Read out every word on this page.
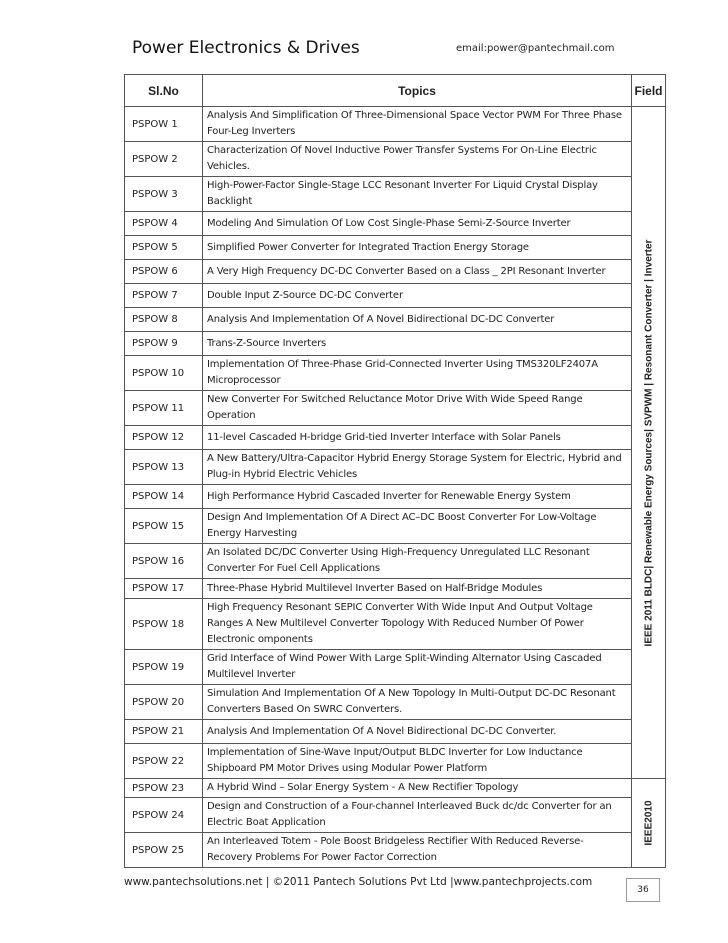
Power Electronics & Drives	email:power@pantechmail.com
Sl.No	Topics	Field
PSPOW 1	Analysis And Simplification Of Three-Dimensional Space Vector PWM For Three Phase Four-Leg Inverters	IEEE 2011 BLDC| Renewable Energy Sources| SVPWM | Resonant Converter | Inverter

PSPOW 2	Characterization Of Novel Inductive Power Transfer Systems For On-Line Electric Vehicles.	
PSPOW 3	High-Power-Factor Single-Stage LCC Resonant Inverter For Liquid Crystal Display Backlight	
PSPOW 4	Modeling And Simulation Of Low Cost Single-Phase Semi-Z-Source Inverter	
PSPOW 5	Simplified Power Converter for Integrated Traction Energy Storage	
PSPOW 6	A Very High Frequency DC-DC Converter Based on a Class _ 2PI Resonant Inverter	
PSPOW 7	Double Input Z-Source DC-DC Converter	
PSPOW 8	Analysis And Implementation Of A Novel Bidirectional DC-DC Converter	
PSPOW 9	Trans-Z-Source Inverters	
PSPOW 10	Implementation Of Three-Phase Grid-Connected Inverter Using TMS320LF2407A Microprocessor	
PSPOW 11	New Converter For Switched Reluctance Motor Drive With Wide Speed Range Operation	
PSPOW 12	11-level Cascaded H-bridge Grid-tied Inverter Interface with Solar Panels	
PSPOW 13	A New Battery/Ultra-Capacitor Hybrid Energy Storage System for Electric, Hybrid and Plug-in Hybrid Electric Vehicles	
PSPOW 14	High Performance Hybrid Cascaded Inverter for Renewable Energy System	
PSPOW 15	Design And Implementation Of A Direct AC–DC Boost Converter For Low-Voltage Energy Harvesting	
PSPOW 16	An Isolated DC/DC Converter Using High-Frequency Unregulated LLC Resonant Converter For Fuel Cell Applications	
PSPOW 17	Three-Phase Hybrid Multilevel Inverter Based on Half-Bridge Modules	
PSPOW 18	High Frequency Resonant SEPIC Converter With Wide Input And Output Voltage Ranges A New Multilevel Converter Topology With Reduced Number Of Power Electronic omponents	
PSPOW 19	Grid Interface of Wind Power With Large Split-Winding Alternator Using Cascaded Multilevel Inverter	
PSPOW 20	Simulation And Implementation Of A New Topology In Multi-Output DC-DC Resonant Converters Based On SWRC Converters.	
PSPOW 21	Analysis And Implementation Of A Novel Bidirectional DC-DC Converter.	
PSPOW 22	Implementation of Sine-Wave Input/Output BLDC Inverter for Low Inductance Shipboard PM Motor Drives using Modular Power Platform	
PSPOW 23	A Hybrid Wind – Solar Energy System - A New Rectifier Topology	IEEE2010

PSPOW 24	Design and Construction of a Four-channel Interleaved Buck dc/dc Converter for an Electric Boat Application	
PSPOW 25	An Interleaved Totem - Pole Boost Bridgeless Rectifier With Reduced Reverse-Recovery Problems For Power Factor Correction	
www.pantechsolutions.net | ©2011 Pantech Solutions Pvt Ltd |www.pantechprojects.com
36
